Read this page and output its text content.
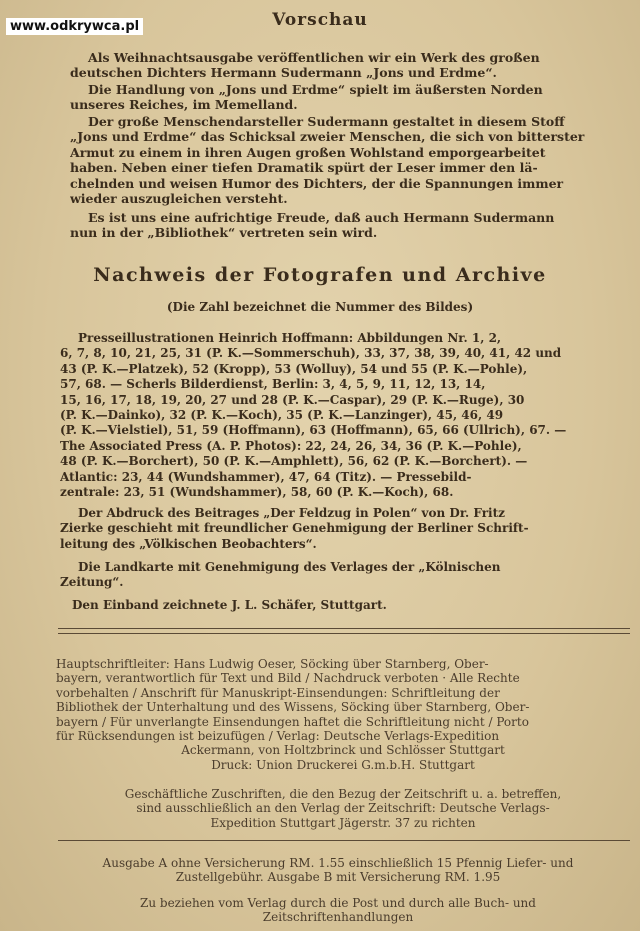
www.odkrywca.pl	Vorschau
Als Weihnachtsausgabe veröffentlichen wir ein Werk des großen
deutschen Dichters Hermann Sudermann „Jons und Erdme“.
Die Handlung von „Jons und Erdme“ spielt im äußersten Norden
unseres Reiches, im Memelland.
Der große Menschendarsteller Sudermann gestaltet in diesem Stoff
„Jons und Erdme“ das Schicksal zweier Menschen, die sich von bitterster
Armut zu einem in ihren Augen großen Wohlstand emporgearbeitet
haben. Neben einer tiefen Dramatik spürt der Leser immer den lä-
chelnden und weisen Humor des Dichters, der die Spannungen immer
wieder auszugleichen versteht.
Es ist uns eine aufrichtige Freude, daß auch Hermann Sudermann
nun in der „Bibliothek“ vertreten sein wird.
Nachweis der Fotografen und Archive
(Die Zahl bezeichnet die Nummer des Bildes)
Presseillustrationen Heinrich Hoffmann: Abbildungen Nr. 1, 2,
6, 7, 8, 10, 21, 25, 31 (P. K.—Sommerschuh), 33, 37, 38, 39, 40, 41, 42 und
43 (P. K.—Platzek), 52 (Kropp), 53 (Wolluy), 54 und 55 (P. K.—Pohle),
57, 68. — Scherls Bilderdienst, Berlin: 3, 4, 5, 9, 11, 12, 13, 14,
15, 16, 17, 18, 19, 20, 27 und 28 (P. K.—Caspar), 29 (P. K.—Ruge), 30
(P. K.—Dainko), 32 (P. K.—Koch), 35 (P. K.—Lanzinger), 45, 46, 49
(P. K.—Vielstiel), 51, 59 (Hoffmann), 63 (Hoffmann), 65, 66 (Ullrich), 67. —
The Associated Press (A. P. Photos): 22, 24, 26, 34, 36 (P. K.—Pohle),
48 (P. K.—Borchert), 50 (P. K.—Amphlett), 56, 62 (P. K.—Borchert). —
Atlantic: 23, 44 (Wundshammer), 47, 64 (Titz). — Pressebild-
zentrale: 23, 51 (Wundshammer), 58, 60 (P. K.—Koch), 68.
Der Abdruck des Beitrages „Der Feldzug in Polen“ von Dr. Fritz
Zierke geschieht mit freundlicher Genehmigung der Berliner Schrift-
leitung des „Völkischen Beobachters“.
Die Landkarte mit Genehmigung des Verlages der „Kölnischen
Zeitung“.
Den Einband zeichnete J. L. Schäfer, Stuttgart.
Hauptschriftleiter: Hans Ludwig Oeser, Söcking über Starnberg, Ober-
bayern, verantwortlich für Text und Bild / Nachdruck verboten · Alle Rechte
vorbehalten / Anschrift für Manuskript-Einsendungen: Schriftleitung der
Bibliothek der Unterhaltung und des Wissens, Söcking über Starnberg, Ober-
bayern / Für unverlangte Einsendungen haftet die Schriftleitung nicht / Porto
für Rücksendungen ist beizufügen / Verlag: Deutsche Verlags-Expedition
Ackermann, von Holtzbrinck und Schlösser Stuttgart
Druck: Union Druckerei G.m.b.H. Stuttgart
Geschäftliche Zuschriften, die den Bezug der Zeitschrift u. a. betreffen,
sind ausschließlich an den Verlag der Zeitschrift: Deutsche Verlags-
Expedition Stuttgart Jägerstr. 37 zu richten
Ausgabe A ohne Versicherung RM. 1.55 einschließlich 15 Pfennig Liefer- und
Zustellgebühr. Ausgabe B mit Versicherung RM. 1.95
Zu beziehen vom Verlag durch die Post und durch alle Buch- und
Zeitschriftenhandlungen
